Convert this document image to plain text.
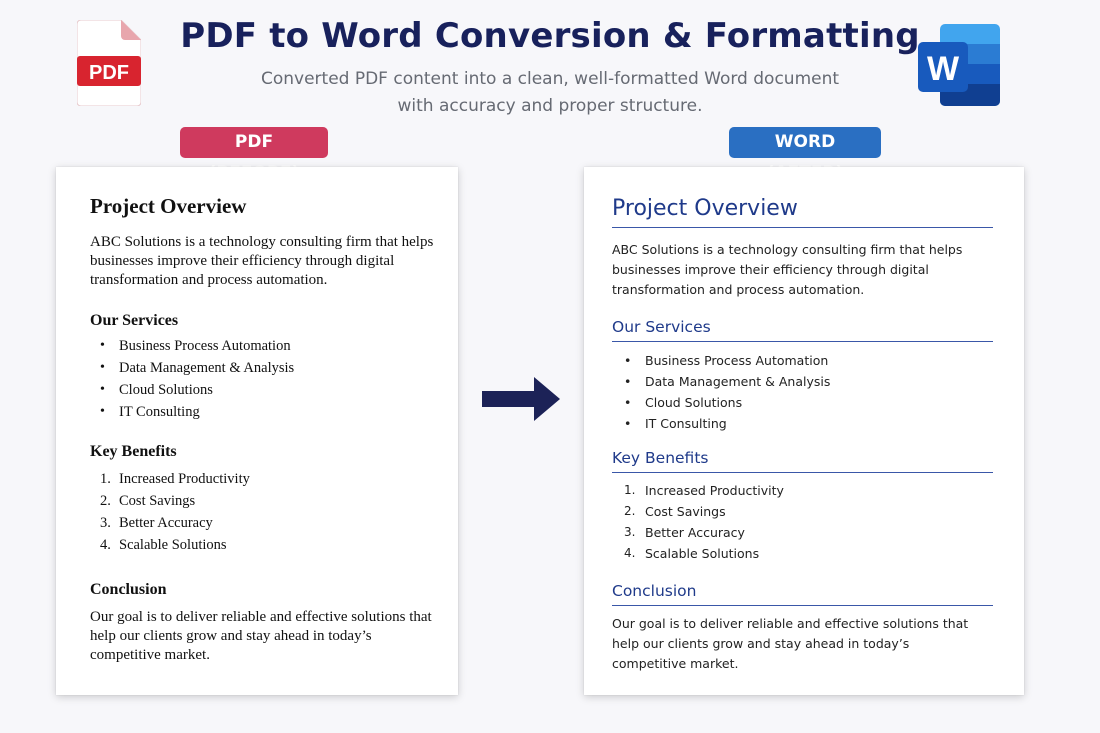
PDF	W
PDF to Word Conversion & Formatting
Converted PDF content into a clean, well-formatted Word document
with accuracy and proper structure.
PDF	WORD
Project Overview

ABC Solutions is a technology consulting firm that helps

businesses improve their efficiency through digital

transformation and process automation.

Our Services
• Business Process Automation
• Data Management & Analysis
• Cloud Solutions
• IT Consulting
Key Benefits
1. Increased Productivity
2. Cost Savings
3. Better Accuracy
4. Scalable Solutions
Conclusion

Our goal is to deliver reliable and effective solutions that

help our clients grow and stay ahead in today’s

competitive market.

Project Overview

ABC Solutions is a technology consulting firm that helps

businesses improve their efficiency through digital

transformation and process automation.

Our Services
• Business Process Automation
• Data Management & Analysis
• Cloud Solutions
• IT Consulting
Key Benefits
1. Increased Productivity
2. Cost Savings
3. Better Accuracy
4. Scalable Solutions
Conclusion

Our goal is to deliver reliable and effective solutions that

help our clients grow and stay ahead in today’s

competitive market.
